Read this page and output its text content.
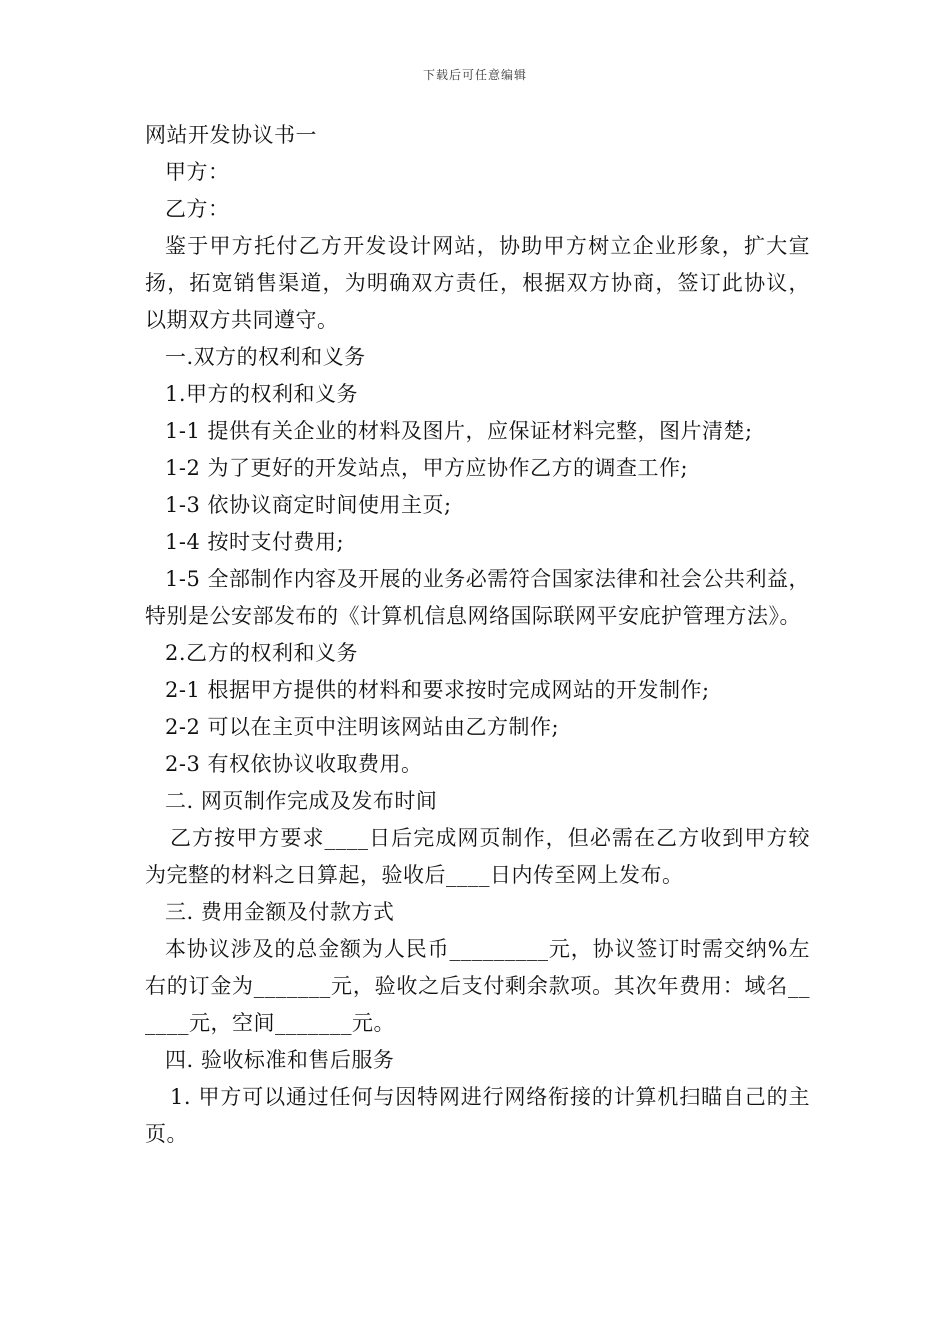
下载后可任意编辑

网站开发协议书一

甲方：

乙方：

鉴于甲方托付乙方开发设计网站，协助甲方树立企业形象，扩大宣扬，拓宽销售渠道，为明确双方责任，根据双方协商，签订此协议，以期双方共同遵守。

一.双方的权利和义务

1.甲方的权利和义务

1-1 提供有关企业的材料及图片，应保证材料完整，图片清楚;

1-2 为了更好的开发站点，甲方应协作乙方的调查工作;

1-3 依协议商定时间使用主页;

1-4 按时支付费用;

1-5 全部制作内容及开展的业务必需符合国家法律和社会公共利益，特别是公安部发布的《计算机信息网络国际联网平安庇护管理方法》。

2.乙方的权利和义务

2-1 根据甲方提供的材料和要求按时完成网站的开发制作;

2-2 可以在主页中注明该网站由乙方制作;

2-3 有权依协议收取费用。

二. 网页制作完成及发布时间

乙方按甲方要求____日后完成网页制作，但必需在乙方收到甲方较为完整的材料之日算起，验收后____日内传至网上发布。

三. 费用金额及付款方式

本协议涉及的总金额为人民币_________元，协议签订时需交纳%左右的订金为_______元，验收之后支付剩余款项。其次年费用：域名______元，空间_______元。

四. 验收标准和售后服务

1. 甲方可以通过任何与因特网进行网络衔接的计算机扫瞄自己的主页。
